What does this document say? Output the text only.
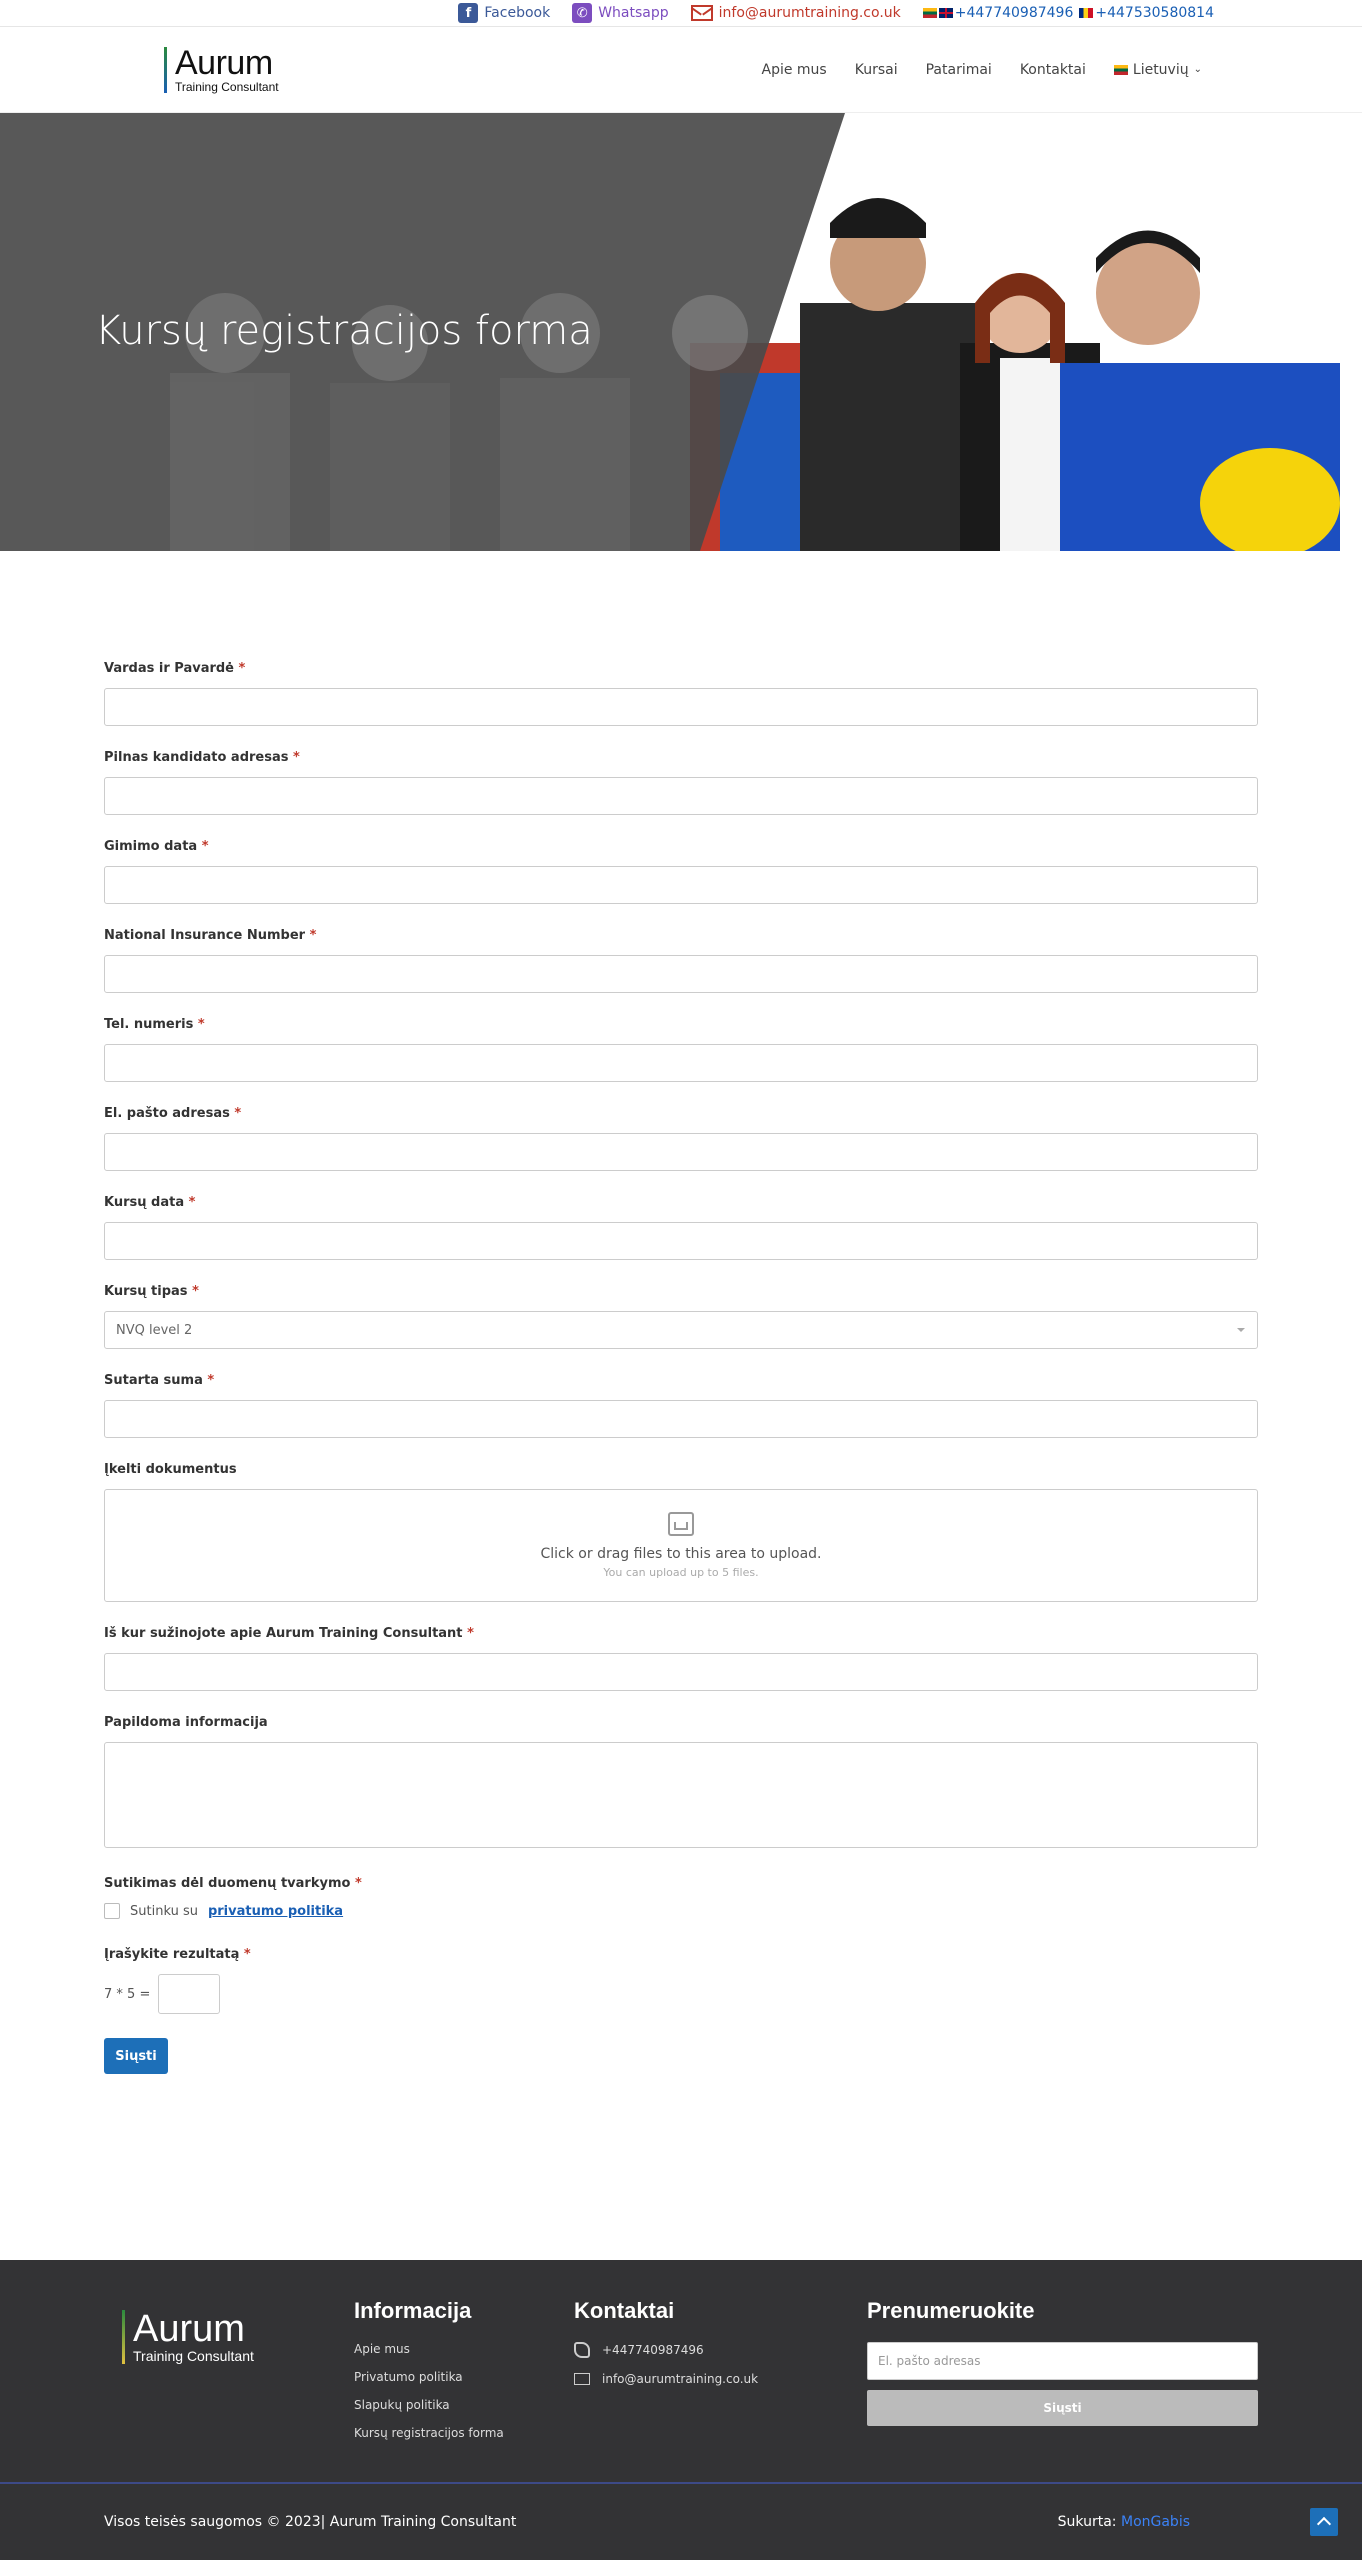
f Facebook	✆ Whatsapp	info@aurumtraining.co.uk	+447740987496 +447530580814
Aurum
Training Consultant
Apie mus Kursai Patarimai Kontaktai	Lietuvių ⌄
Kursų registracijos forma
Vardas ir Pavardė *
Pilnas kandidato adresas *
Gimimo data *
National Insurance Number *
Tel. numeris *
El. pašto adresas *
Kursų data *
Kursų tipas *
NVQ level 2
Sutarta suma *
Įkelti dokumentus
Click or drag files to this area to upload.
You can upload up to 5 files.
Iš kur sužinojote apie Aurum Training Consultant *
Papildoma informacija
Sutikimas dėl duomenų tvarkymo *
Sutinku su privatumo politika
Įrašykite rezultatą *
7 * 5 =
Siųsti
Aurum
Training Consultant
Informacija
Apie mus
Privatumo politika
Slapukų politika
Kursų registracijos forma
Kontaktai
+447740987496
info@aurumtraining.co.uk
Prenumeruokite
El. pašto adresas
Siųsti
Visos teisės saugomos © 2023| Aurum Training Consultant	Sukurta: MonGabis
